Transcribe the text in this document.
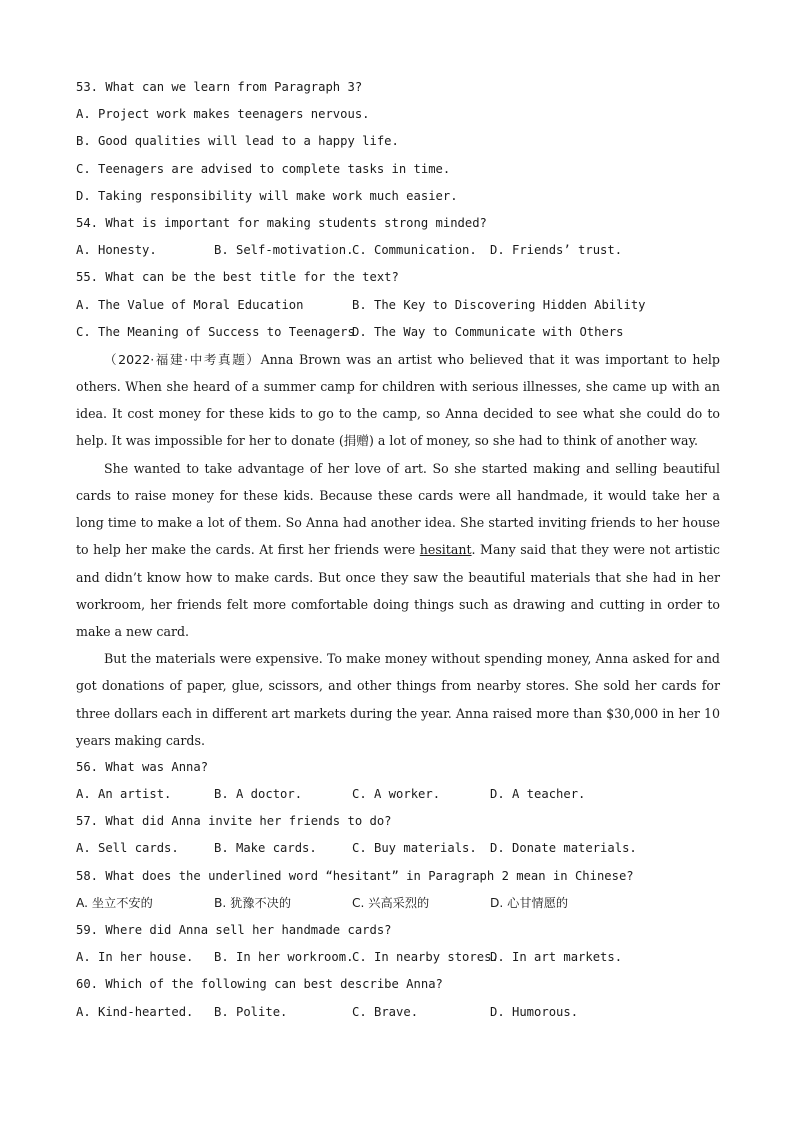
53. What can we learn from Paragraph 3?
A. Project work makes teenagers nervous.
B. Good qualities will lead to a happy life.
C. Teenagers are advised to complete tasks in time.
D. Taking responsibility will make work much easier.
54. What is important for making students strong minded?
A. Honesty.	B. Self-motivation.
C. Communication.	D. Friends’ trust.
55. What can be the best title for the text?
A. The Value of Moral Education	B. The Key to Discovering Hidden Ability
C. The Meaning of Success to Teenagers
D. The Way to Communicate with Others

（2022·福建·中考真题）Anna Brown was an artist who believed that it was important to help others. When she heard of a summer camp for children with serious illnesses, she came up with an idea. It cost money for these kids to go to the camp, so Anna decided to see what she could do to help. It was impossible for her to donate (捐赠) a lot of money, so she had to think of another way.

She wanted to take advantage of her love of art. So she started making and selling beautiful cards to raise money for these kids. Because these cards were all handmade, it would take her a long time to make a lot of them. So Anna had another idea. She started inviting friends to her house to help her make the cards. At first her friends were hesitant. Many said that they were not artistic and didn’t know how to make cards. But once they saw the beautiful materials that she had in her workroom, her friends felt more comfortable doing things such as drawing and cutting in order to make a new card.

But the materials were expensive. To make money without spending money, Anna asked for and got donations of paper, glue, scissors, and other things from nearby stores. She sold her cards for three dollars each in different art markets during the year. Anna raised more than $30,000 in her 10 years making cards.

56. What was Anna?
A. An artist.	B. A doctor.	C. A worker.	D. A teacher.
57. What did Anna invite her friends to do?
A. Sell cards.	B. Make cards.	C. Buy materials.	D. Donate materials.
58. What does the underlined word “hesitant” in Paragraph 2 mean in Chinese?
A. 坐立不安的	B. 犹豫不决的	C. 兴高采烈的	D. 心甘情愿的
59. Where did Anna sell her handmade cards?
A. In her house.	B. In her workroom.
C. In nearby stores.
D. In art markets.
60. Which of the following can best describe Anna?
A. Kind-hearted.	B. Polite.	C. Brave.	D. Humorous.
